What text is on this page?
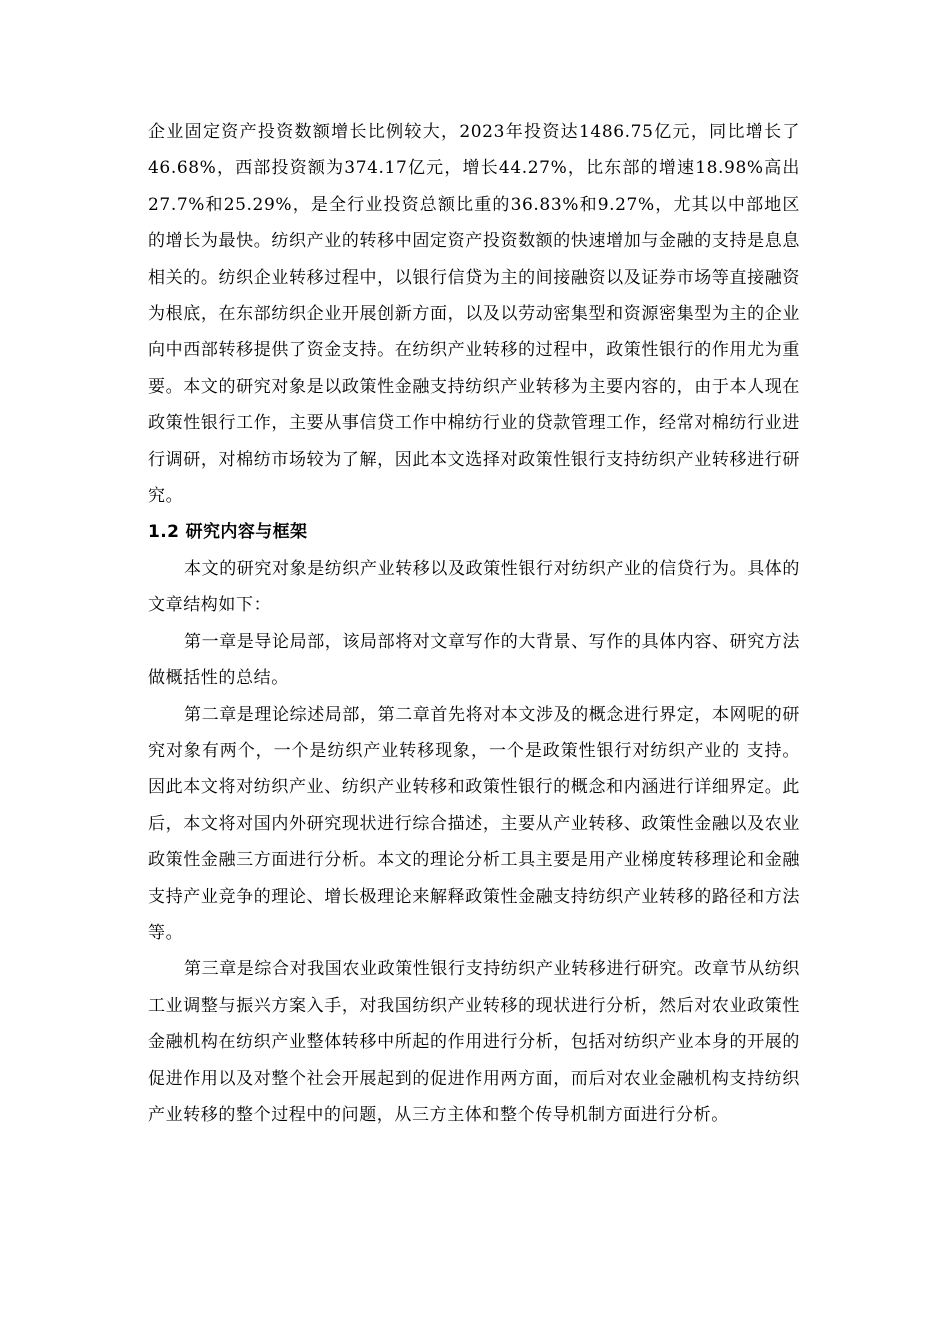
企业固定资产投资数额增长比例较大，2023年投资达1486.75亿元，同比增长了46.68%，西部投资额为374.17亿元，增长44.27%，比东部的增速18.98%高出27.7%和25.29%，是全行业投资总额比重的36.83%和9.27%，尤其以中部地区的增长为最快。纺织产业的转移中固定资产投资数额的快速增加与金融的支持是息息相关的。纺织企业转移过程中，以银行信贷为主的间接融资以及证券市场等直接融资为根底，在东部纺织企业开展创新方面，以及以劳动密集型和资源密集型为主的企业向中西部转移提供了资金支持。在纺织产业转移的过程中，政策性银行的作用尤为重要。本文的研究对象是以政策性金融支持纺织产业转移为主要内容的，由于本人现在政策性银行工作，主要从事信贷工作中棉纺行业的贷款管理工作，经常对棉纺行业进行调研，对棉纺市场较为了解，因此本文选择对政策性银行支持纺织产业转移进行研究。

1.2 研究内容与框架

本文的研究对象是纺织产业转移以及政策性银行对纺织产业的信贷行为。具体的文章结构如下：

第一章是导论局部，该局部将对文章写作的大背景、写作的具体内容、研究方法做概括性的总结。

第二章是理论综述局部，第二章首先将对本文涉及的概念进行界定，本网呢的研究对象有两个，一个是纺织产业转移现象，一个是政策性银行对纺织产业的 支持。因此本文将对纺织产业、纺织产业转移和政策性银行的概念和内涵进行详细界定。此后，本文将对国内外研究现状进行综合描述，主要从产业转移、政策性金融以及农业政策性金融三方面进行分析。本文的理论分析工具主要是用产业梯度转移理论和金融支持产业竞争的理论、增长极理论来解释政策性金融支持纺织产业转移的路径和方法等。

第三章是综合对我国农业政策性银行支持纺织产业转移进行研究。改章节从纺织工业调整与振兴方案入手，对我国纺织产业转移的现状进行分析，然后对农业政策性金融机构在纺织产业整体转移中所起的作用进行分析，包括对纺织产业本身的开展的促进作用以及对整个社会开展起到的促进作用两方面，而后对农业金融机构支持纺织产业转移的整个过程中的问题，从三方主体和整个传导机制方面进行分析。
